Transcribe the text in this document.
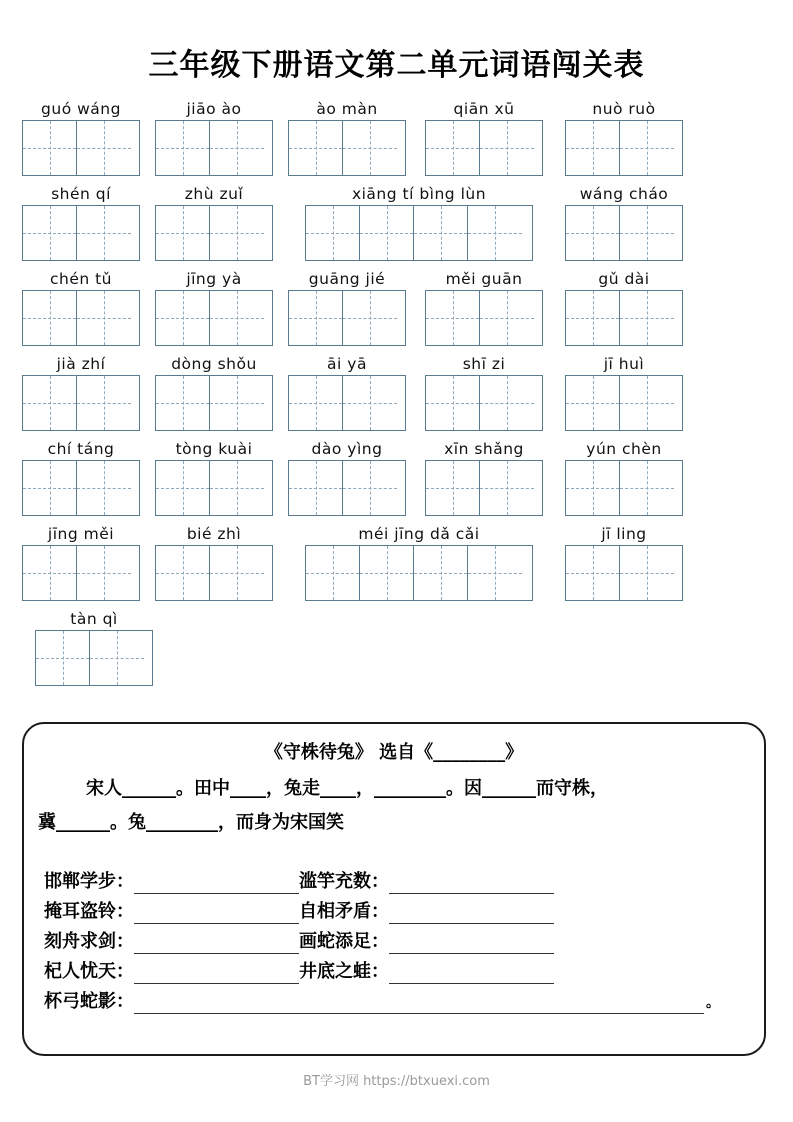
三年级下册语文第二单元词语闯关表
guó wáng	jiāo ào	ào màn	qiān xū	nuò ruò
shén qí	zhù zuǐ	xiāng tí bìng lùn	wáng cháo
chén tǔ	jīng yà	guāng jié	měi guān	gǔ dài
jià zhí	dòng shǒu	āi yā	shī zi	jī huì
chí táng	tòng kuài	dào yìng	xīn shǎng	yún chèn
jīng měi	bié zhì	méi jīng dǎ cǎi	jī ling
tàn qì
《守株待兔》 选自《________》
宋人______。田中____，兔走____，________。因______而守株，
冀______。兔________，而身为宋国笑
邯郸学步：	滥竽充数：
掩耳盗铃：	自相矛盾：
刻舟求剑：	画蛇添足：
杞人忧天：	井底之蛙：
杯弓蛇影：	。
BT学习网 https://btxuexi.com
